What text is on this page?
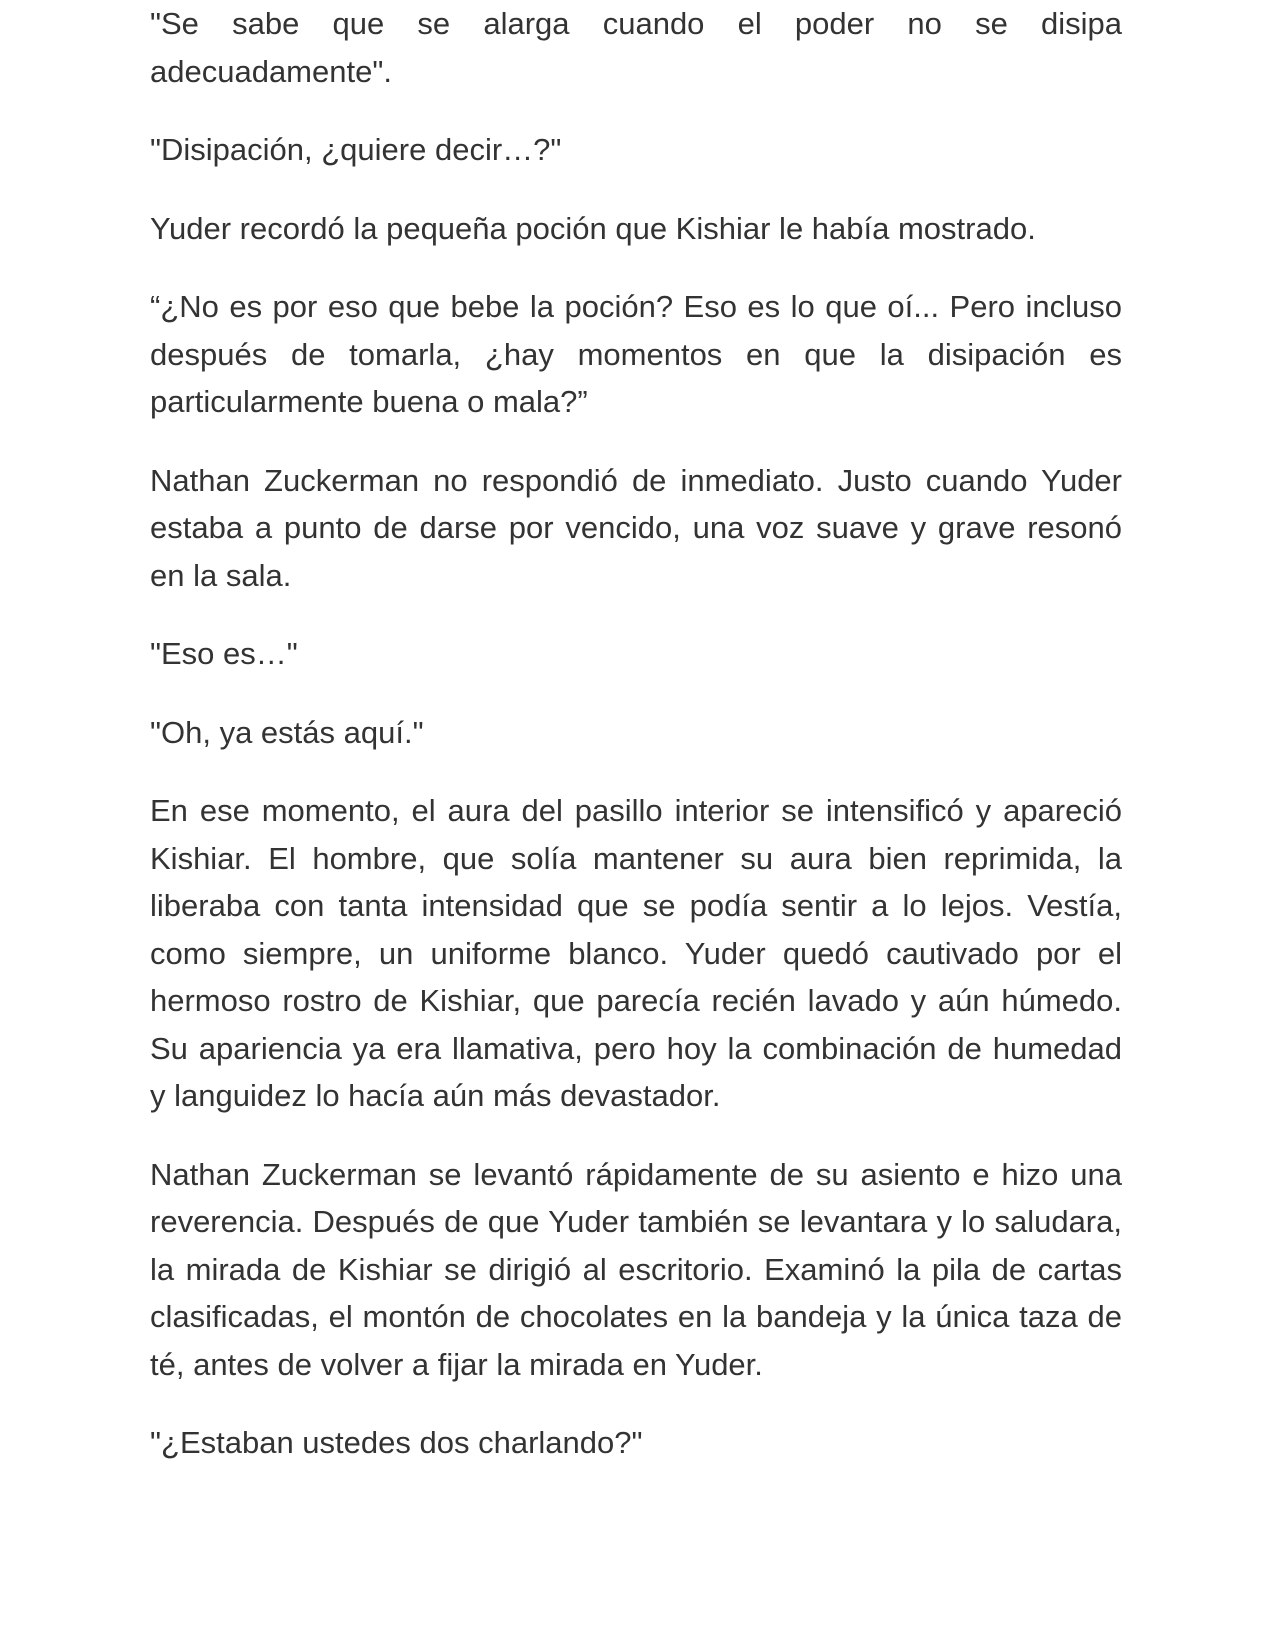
"Se sabe que se alarga cuando el poder no se disipa adecuadamente".

"Disipación, ¿quiere decir…?"

Yuder recordó la pequeña poción que Kishiar le había mostrado.

“¿No es por eso que bebe la poción? Eso es lo que oí... Pero incluso después de tomarla, ¿hay momentos en que la disipación es particularmente buena o mala?”

Nathan Zuckerman no respondió de inmediato. Justo cuando Yuder estaba a punto de darse por vencido, una voz suave y grave resonó en la sala.

"Eso es…"

"Oh, ya estás aquí."

En ese momento, el aura del pasillo interior se intensificó y apareció Kishiar. El hombre, que solía mantener su aura bien reprimida, la liberaba con tanta intensidad que se podía sentir a lo lejos. Vestía, como siempre, un uniforme blanco. Yuder quedó cautivado por el hermoso rostro de Kishiar, que parecía recién lavado y aún húmedo. Su apariencia ya era llamativa, pero hoy la combinación de humedad y languidez lo hacía aún más devastador.

Nathan Zuckerman se levantó rápidamente de su asiento e hizo una reverencia. Después de que Yuder también se levantara y lo saludara, la mirada de Kishiar se dirigió al escritorio. Examinó la pila de cartas clasificadas, el montón de chocolates en la bandeja y la única taza de té, antes de volver a fijar la mirada en Yuder.

"¿Estaban ustedes dos charlando?"
